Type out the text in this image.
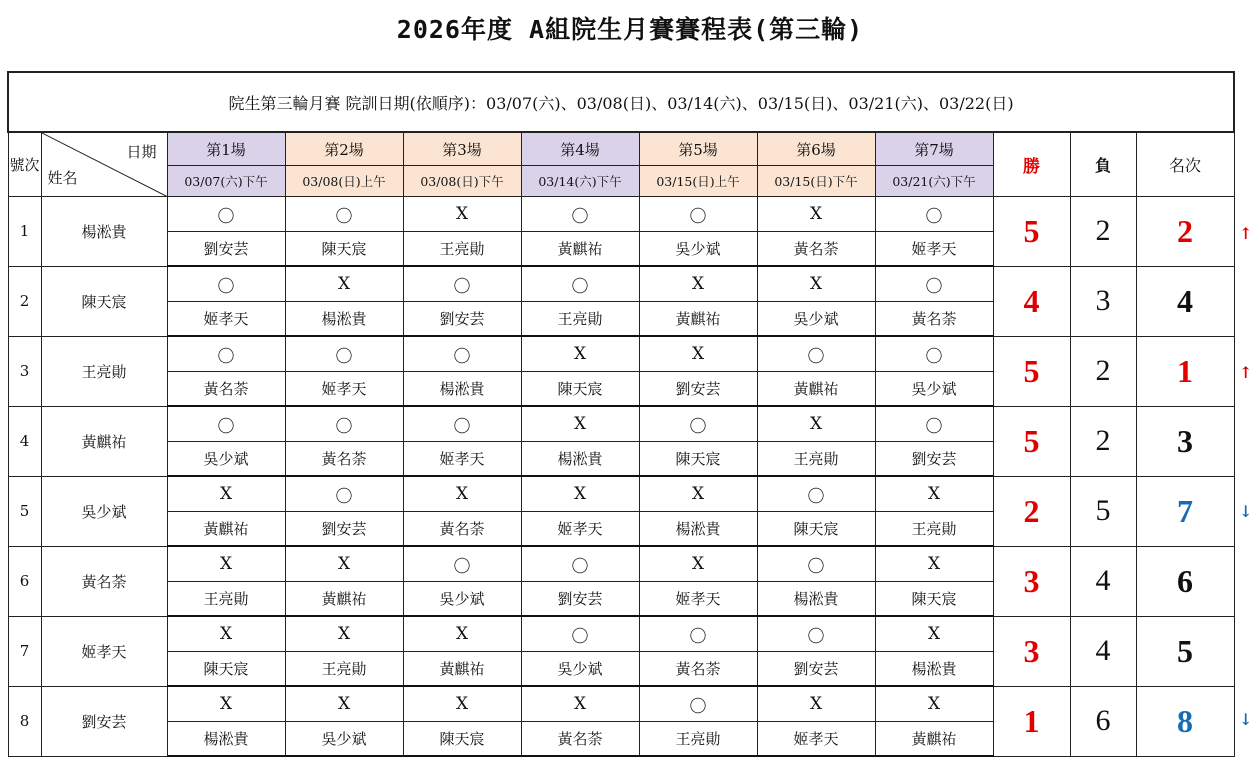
2026年度 A組院生月賽賽程表(第三輪)
院生第三輪月賽 院訓日期(依順序)：03/07(六)、03/08(日)、03/14(六)、03/15(日)、03/21(六)、03/22(日)											
號次	日期
姓名	第1場	第2場	第3場	第4場	第5場	第6場	第7場	勝	負	名次
		03/07(六)下午	03/08(日)上午	03/08(日)下午	03/14(六)下午	03/15(日)上午	03/15(日)下午	03/21(六)下午			
1	楊淞貴	〇	〇	X	〇	〇	X	〇	5	2	2
		劉安芸	陳天宸	王亮勛	黃麒祐	吳少斌	黃名荼	姬孝天			
2	陳天宸	〇	X	〇	〇	X	X	〇	4	3	4
		姬孝天	楊淞貴	劉安芸	王亮勛	黃麒祐	吳少斌	黃名荼			
3	王亮勛	〇	〇	〇	X	X	〇	〇	5	2	1
		黃名荼	姬孝天	楊淞貴	陳天宸	劉安芸	黃麒祐	吳少斌			
4	黃麒祐	〇	〇	〇	X	〇	X	〇	5	2	3
		吳少斌	黃名荼	姬孝天	楊淞貴	陳天宸	王亮勛	劉安芸			
5	吳少斌	X	〇	X	X	X	〇	X	2	5	7
		黃麒祐	劉安芸	黃名荼	姬孝天	楊淞貴	陳天宸	王亮勛			
6	黃名荼	X	X	〇	〇	X	〇	X	3	4	6
		王亮勛	黃麒祐	吳少斌	劉安芸	姬孝天	楊淞貴	陳天宸			
7	姬孝天	X	X	X	〇	〇	〇	X	3	4	5
		陳天宸	王亮勛	黃麒祐	吳少斌	黃名荼	劉安芸	楊淞貴			
8	劉安芸	X	X	X	X	〇	X	X	1	6	8
		楊淞貴	吳少斌	陳天宸	黃名荼	王亮勛	姬孝天	黃麒祐			
↑
↑
↓
↓
